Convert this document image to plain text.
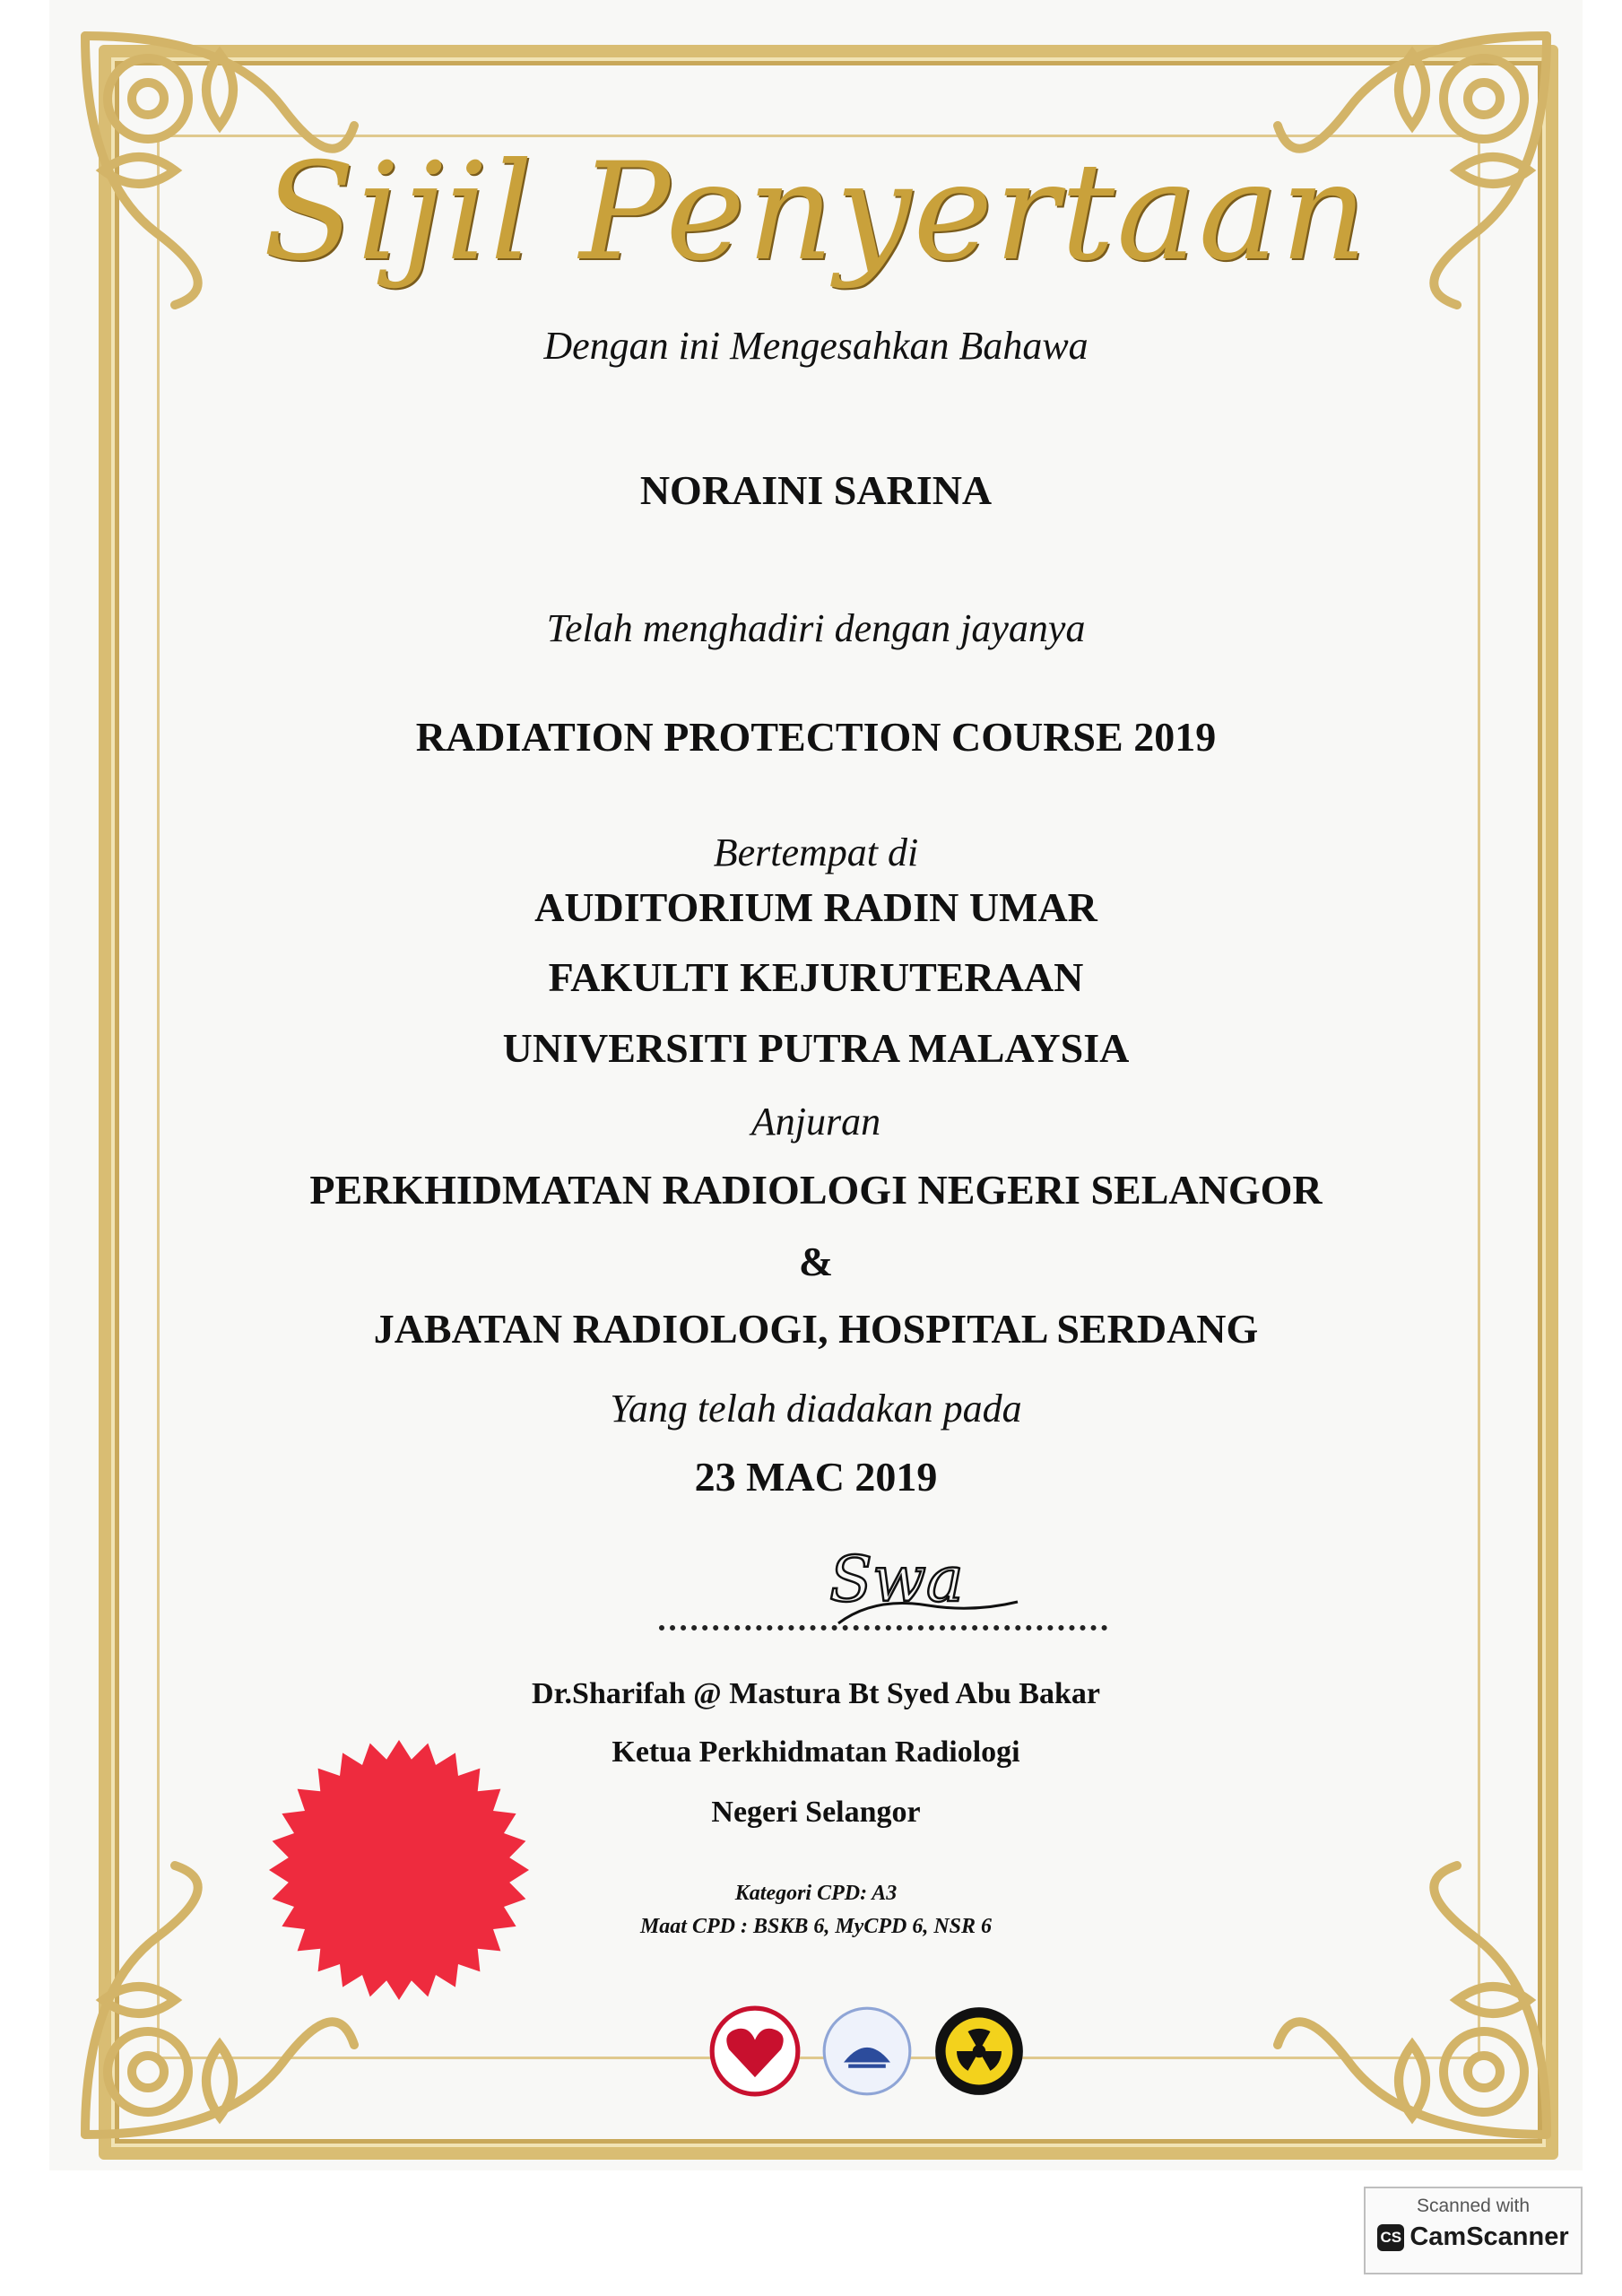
Sijil Penyertaan
Dengan ini Mengesahkan Bahawa
NORAINI SARINA
Telah menghadiri dengan jayanya
RADIATION PROTECTION COURSE 2019
Bertempat di
AUDITORIUM RADIN UMAR
FAKULTI KEJURUTERAAN
UNIVERSITI PUTRA MALAYSIA
Anjuran
PERKHIDMATAN RADIOLOGI NEGERI SELANGOR
&
JABATAN RADIOLOGI, HOSPITAL SERDANG
Yang telah diadakan pada
23 MAC 2019
Swa
Dr.Sharifah @ Mastura Bt Syed Abu Bakar
Ketua Perkhidmatan Radiologi
Negeri Selangor
Kategori CPD: A3
Maat CPD : BSKB 6, MyCPD 6, NSR 6
Scanned with
CS CamScanner
